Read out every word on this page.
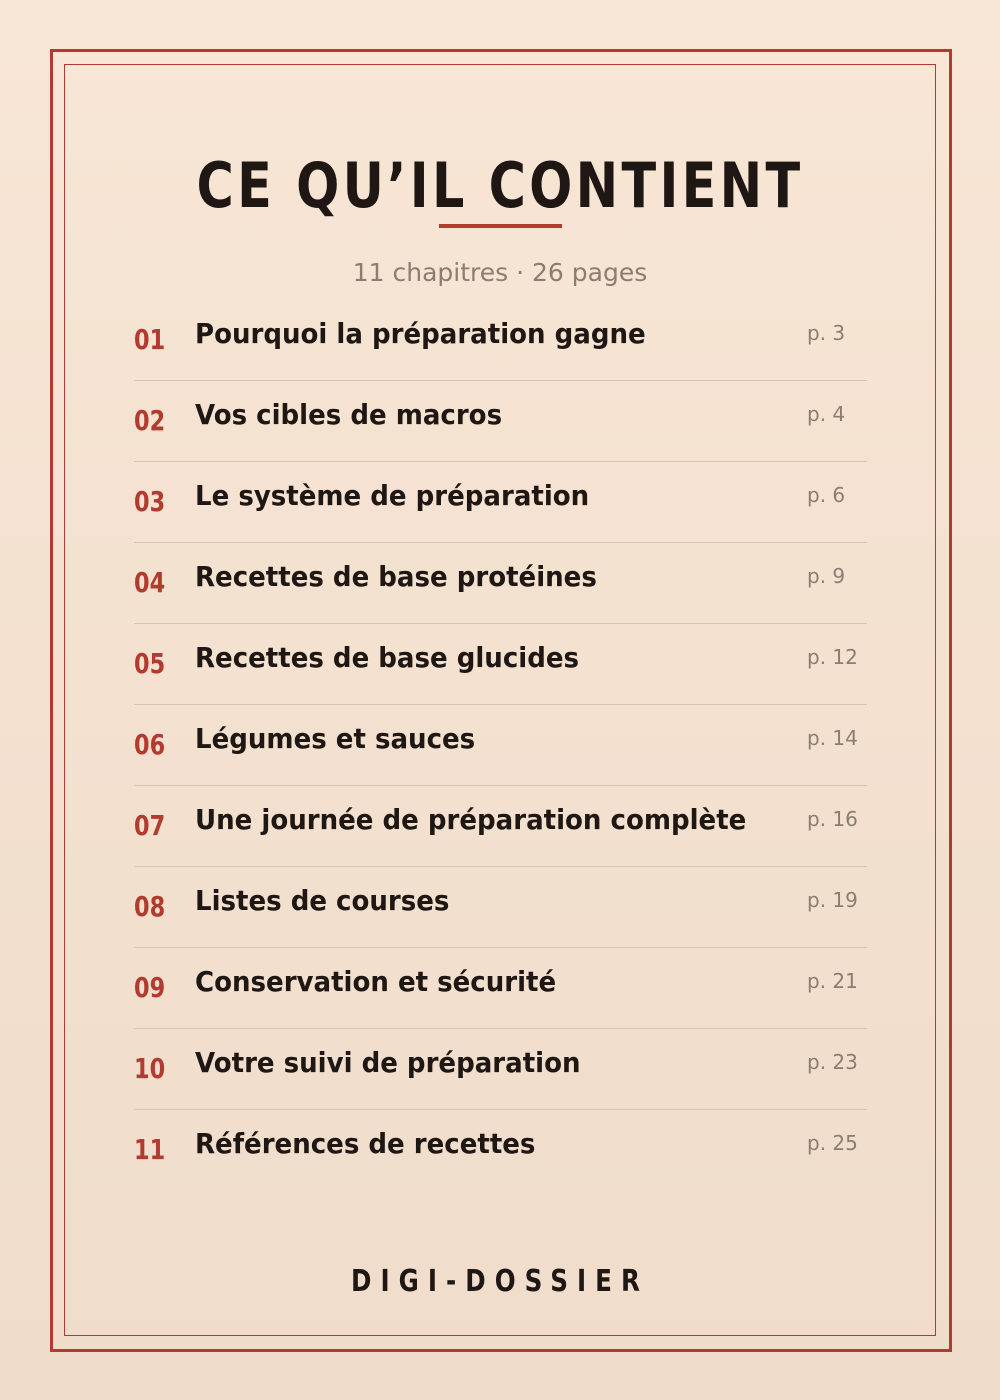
CE QU’IL CONTIENT
11 chapitres · 26 pages
01 Pourquoi la préparation gagne	p. 3
02 Vos cibles de macros	p. 4
03 Le système de préparation	p. 6
04 Recettes de base protéines	p. 9
05 Recettes de base glucides	p. 12
06 Légumes et sauces	p. 14
07 Une journée de préparation complète	p. 16
08 Listes de courses	p. 19
09 Conservation et sécurité	p. 21
10 Votre suivi de préparation	p. 23
11 Références de recettes	p. 25
DIGI-DOSSIER
